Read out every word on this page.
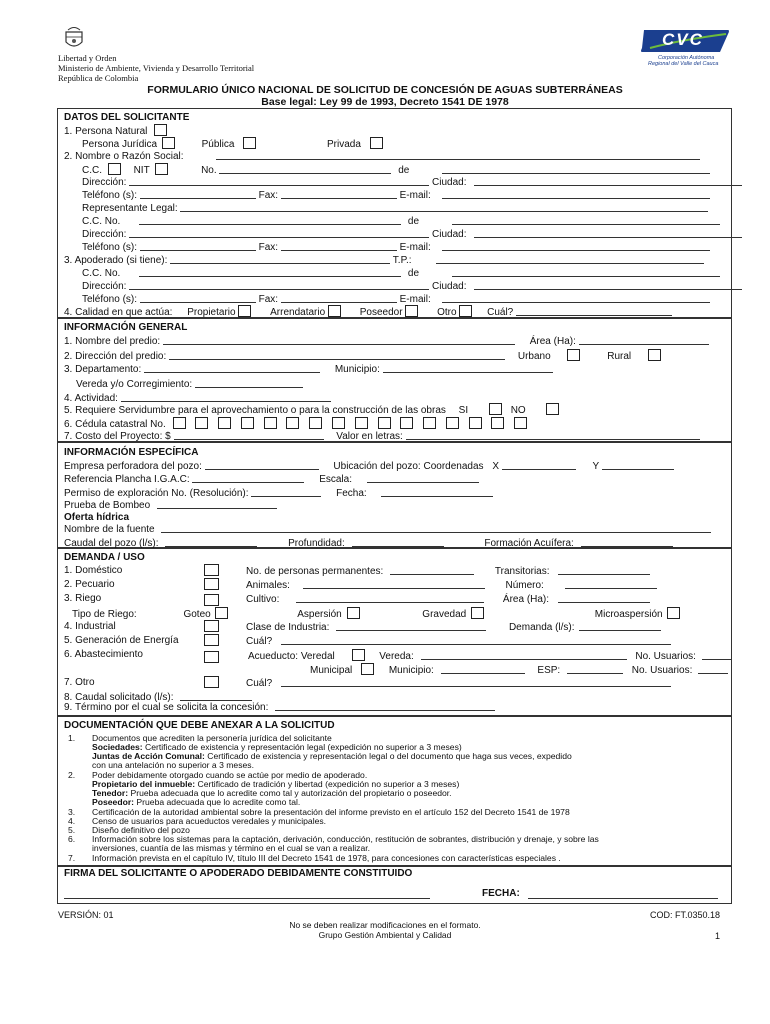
Libertad y Orden
Ministerio de Ambiente, Vivienda y Desarrollo Territorial
República de Colombia
CVC
Corporación Autónoma
Regional del Valle del Cauca
FORMULARIO ÚNICO NACIONAL DE SOLICITUD DE CONCESIÓN DE AGUAS SUBTERRÁNEAS
Base legal: Ley 99 de 1993, Decreto 1541 DE 1978
DATOS DEL SOLICITANTE
1. Persona Natural
Persona Jurídica	Pública	Privada
2. Nombre o Razón Social:
C.C.	NIT	No.	de
Dirección:	Ciudad:
Teléfono (s):	Fax:	E-mail:
Representante Legal:
C.C. No.	de
Dirección:	Ciudad:
Teléfono (s):	Fax:	E-mail:
3. Apoderado (si tiene):	T.P.:
C.C. No.	de
Dirección:	Ciudad:
Teléfono (s):	Fax:	E-mail:
4. Calidad en que actúa: Propietario	Arrendatario	Poseedor	Otro	Cuál?
INFORMACIÓN GENERAL
1. Nombre del predio:	Área (Ha):
2. Dirección del predio:	Urbano	Rural
3. Departamento:	Municipio:
Vereda y/o Corregimiento:
4. Actividad:
5. Requiere Servidumbre para el aprovechamiento o para la construcción de las obras SI	NO
6. Cédula catastral No.
7. Costo del Proyecto: $	Valor en letras:
INFORMACIÓN ESPECÍFICA
Empresa perforadora del pozo:	Ubicación del pozo: Coordenadas X	Y
Referencia Plancha I.G.A.C:	Escala:
Permiso de exploración No. (Resolución):	Fecha:
Prueba de Bombeo
Oferta hídrica
Nombre de la fuente
Caudal del pozo (l/s):	Profundidad:	Formación Acuífera:
DEMANDA / USO
1. Doméstico	No. de personas permanentes:	Transitorias:
2. Pecuario	Animales:	Número:
3. Riego	Cultivo:	Área (Ha):
Tipo de Riego:	Goteo	Aspersión	Gravedad	Microaspersión
4. Industrial	Clase de Industria:	Demanda (l/s):
5. Generación de Energía	Cuál?
6. Abastecimiento	Acueducto: Veredal	Vereda:	No. Usuarios:
Municipal	Municipio:	ESP:	No. Usuarios:
7. Otro	Cuál?
8. Caudal solicitado (l/s):
9. Término por el cual se solicita la concesión:
DOCUMENTACIÓN QUE DEBE ANEXAR A LA SOLICITUD
1. Documentos que acrediten la personería jurídica del solicitante
Sociedades: Certificado de existencia y representación legal (expedición no superior a 3 meses)
Juntas de Acción Comunal: Certificado de existencia y representación legal o del documento que haga sus veces, expedido
con una antelación no superior a 3 meses.
2. Poder debidamente otorgado cuando se actúe por medio de apoderado.
Propietario del inmueble: Certificado de tradición y libertad (expedición no superior a 3 meses)
Tenedor: Prueba adecuada que lo acredite como tal y autorización del propietario o poseedor.
Poseedor: Prueba adecuada que lo acredite como tal.
3. Certificación de la autoridad ambiental sobre la presentación del informe previsto en el artículo 152 del Decreto 1541 de 1978
4. Censo de usuarios para acueductos veredales y municipales.
5. Diseño definitivo del pozo
6. Información sobre los sistemas para la captación, derivación, conducción, restitución de sobrantes, distribución y drenaje, y sobre las
inversiones, cuantía de las mismas y término en el cual se van a realizar.
7. Información prevista en el capítulo IV, título III del Decreto 1541 de 1978, para concesiones con características especiales .
FIRMA DEL SOLICITANTE O APODERADO DEBIDAMENTE CONSTITUIDO
FECHA:
VERSIÓN: 01	COD: FT.0350.18
No se deben realizar modificaciones en el formato.
Grupo Gestión Ambiental y Calidad	1
